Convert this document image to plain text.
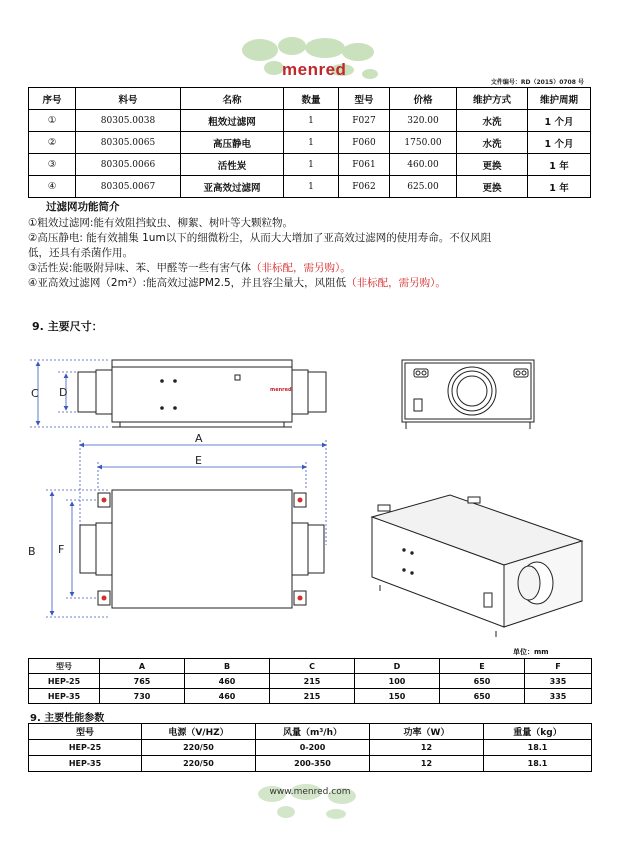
menred
文件编号：RD（2015）0708 号
序号	料号	名称	数量	型号	价格	维护方式	维护周期
①	80305.0038	粗效过滤网	1	F027	320.00	水洗	1 个月
②	80305.0065	高压静电	1	F060	1750.00	水洗	1 个月
③	80305.0066	活性炭	1	F061	460.00	更换	1 年
④	80305.0067	亚高效过滤网	1	F062	625.00	更换	1 年
过滤网功能简介
①粗效过滤网:能有效阻挡蚊虫、柳絮、树叶等大颗粒物。
②高压静电: 能有效捕集 1um以下的细微粉尘，从而大大增加了亚高效过滤网的使用寿命。不仅风阻
低，还具有杀菌作用。
③活性炭:能吸附异味、苯、甲醛等一些有害气体（非标配，需另购）。
④亚高效过滤网（2m²）:能高效过滤PM2.5，并且容尘量大，风阻低（非标配，需另购）。
9. 主要尺寸：
menred
C D
A
E
B F
单位：mm
型号	A	B	C	D	E	F
HEP-25	765	460	215	100	650	335
HEP-35	730	460	215	150	650	335
9. 主要性能参数
型号	电源（V/HZ）	风量（m³/h）	功率（W）	重量（kg）
HEP-25	220/50	0-200	12	18.1
HEP-35	220/50	200-350	12	18.1
www.menred.com
